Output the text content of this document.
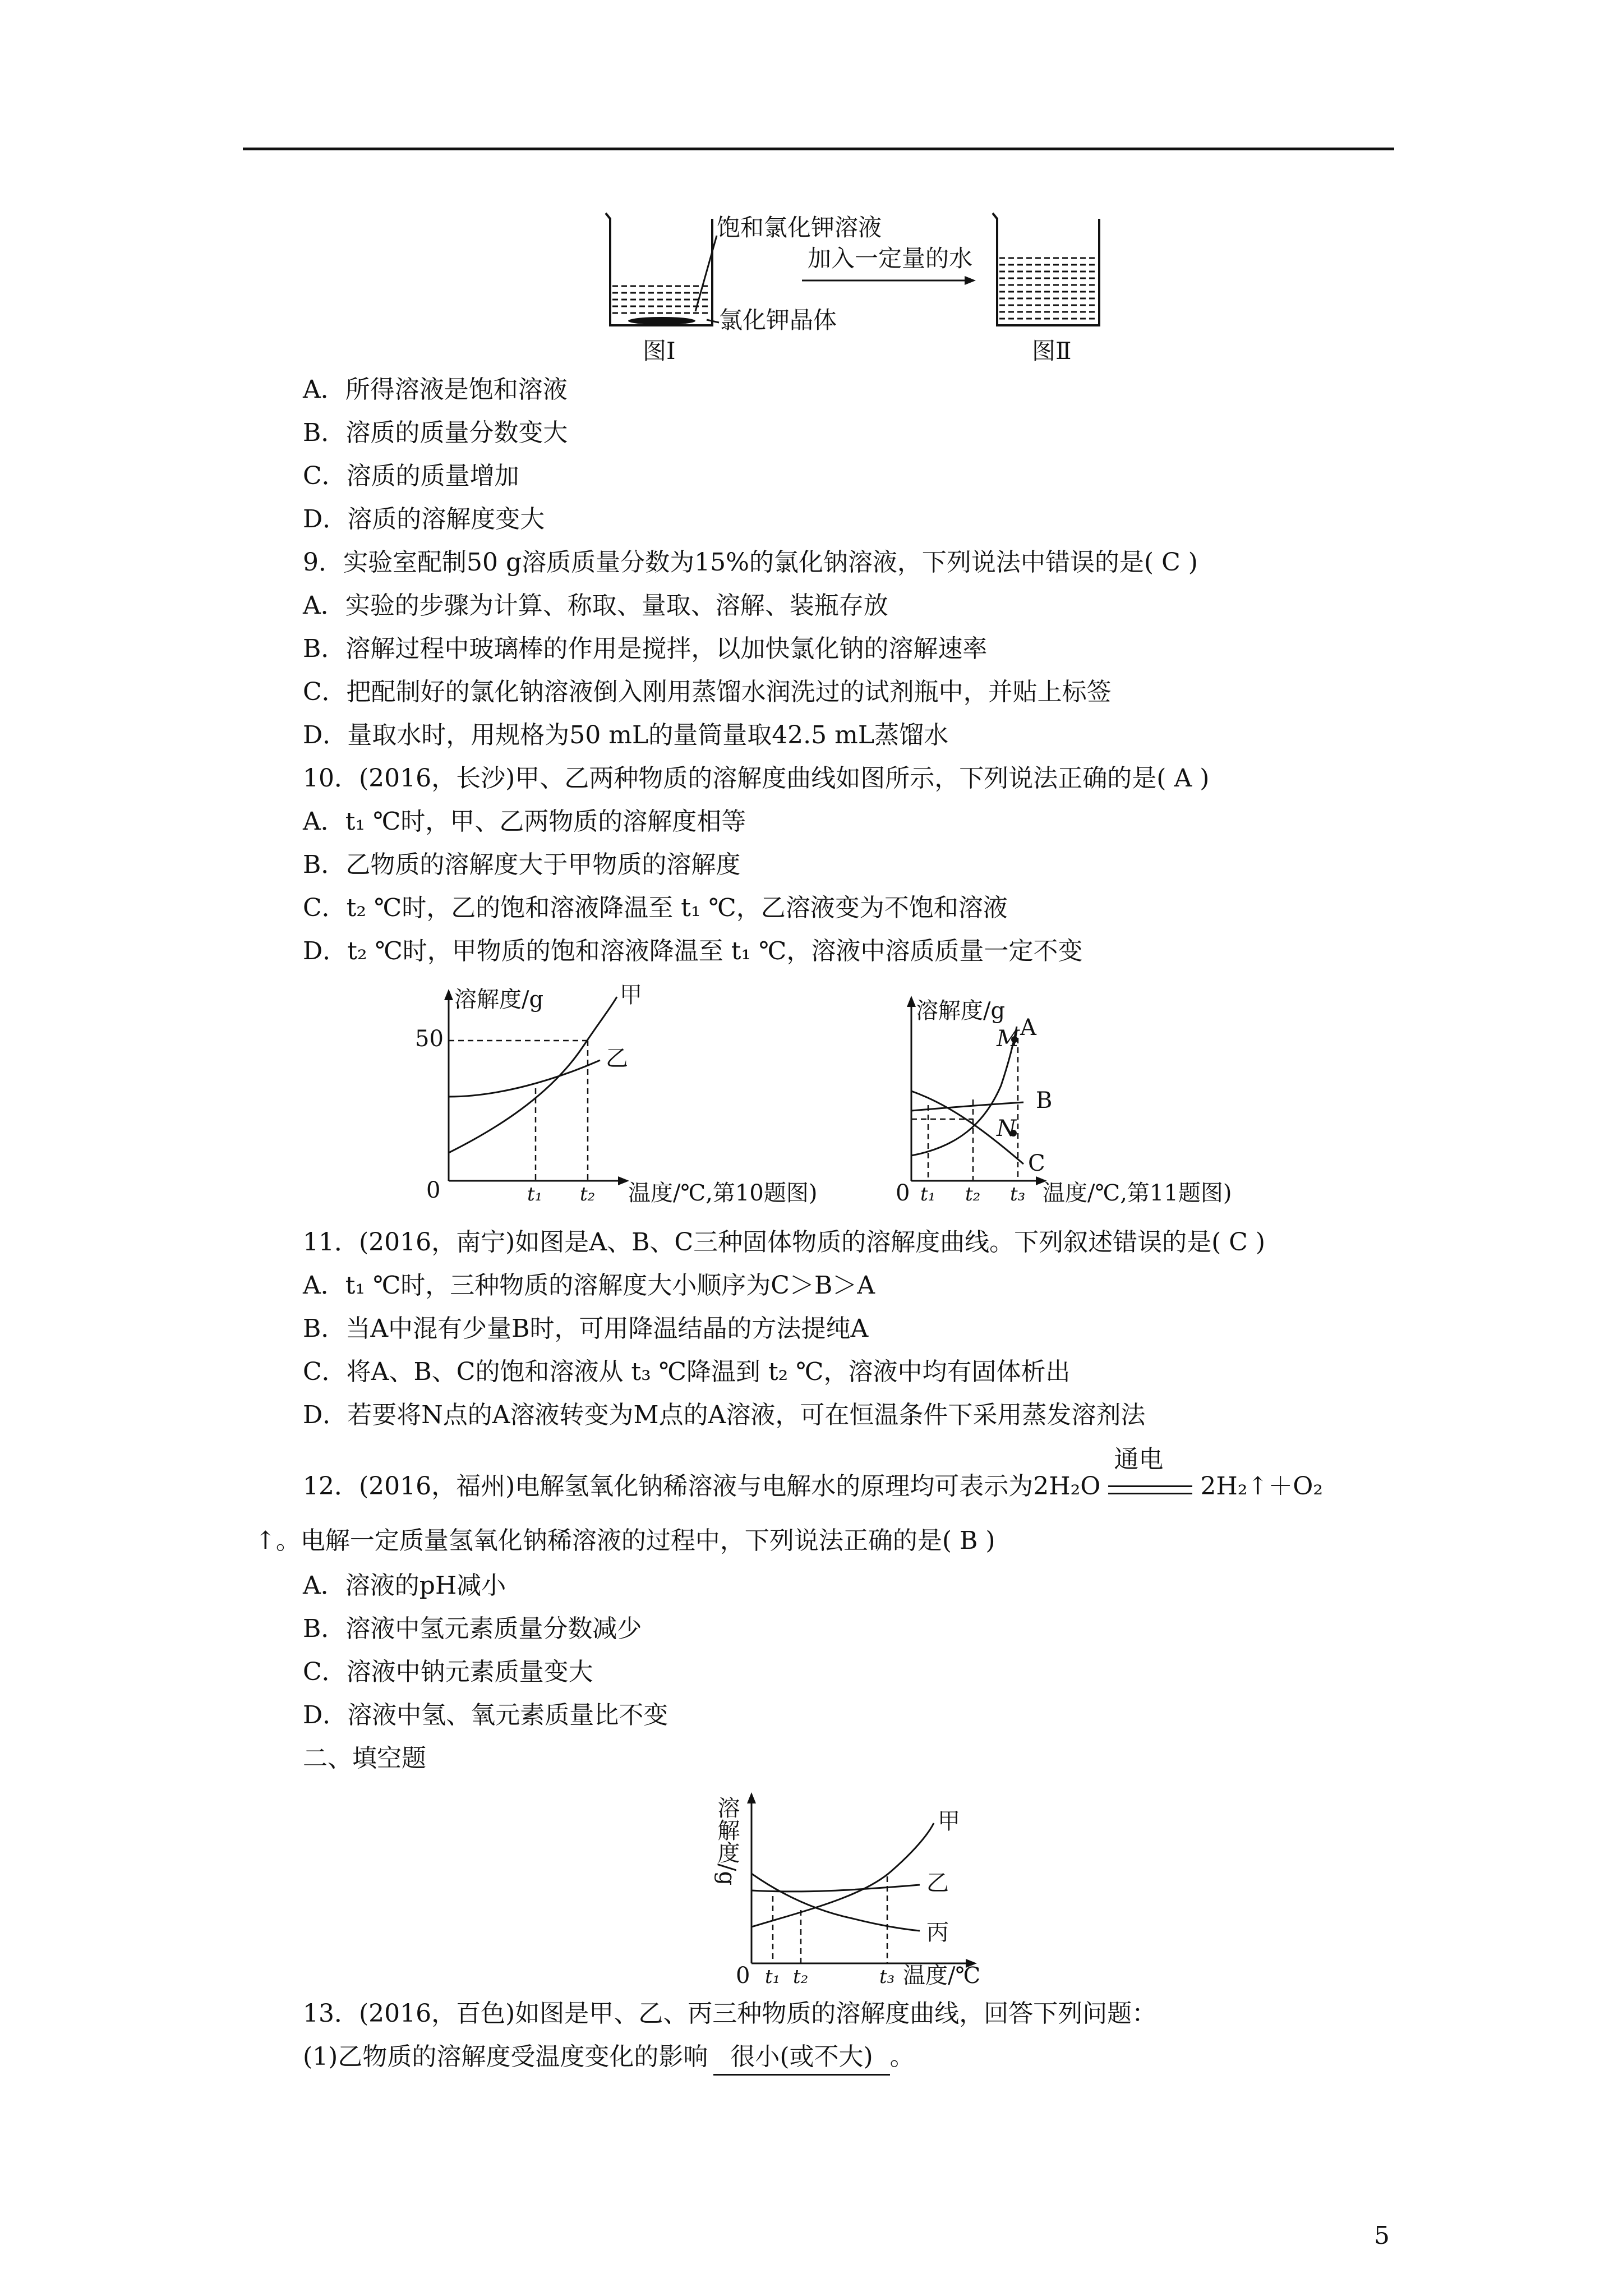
饱和氯化钾溶液
氯化钾晶体
图Ⅰ
加入一定量的水
图Ⅱ
A．所得溶液是饱和溶液
B．溶质的质量分数变大
C．溶质的质量增加
D．溶质的溶解度变大
9．实验室配制50 g溶质质量分数为15%的氯化钠溶液，下列说法中错误的是( C )
A．实验的步骤为计算、称取、量取、溶解、装瓶存放
B．溶解过程中玻璃棒的作用是搅拌，以加快氯化钠的溶解速率
C．把配制好的氯化钠溶液倒入刚用蒸馏水润洗过的试剂瓶中，并贴上标签
D．量取水时，用规格为50 mL的量筒量取42.5 mL蒸馏水
10．(2016，长沙)甲、乙两种物质的溶解度曲线如图所示，下列说法正确的是( A )
A．t₁ ℃时，甲、乙两物质的溶解度相等
B．乙物质的溶解度大于甲物质的溶解度
C．t₂ ℃时，乙的饱和溶液降温至 t₁ ℃，乙溶液变为不饱和溶液
D．t₂ ℃时，甲物质的饱和溶液降温至 t₁ ℃，溶液中溶质质量一定不变
溶解度/g
50
0
甲
乙
t₁ t₂ 温度/℃,第10题图)
溶解度/g
0
M A
B
N
C
t₁ t₂ t₃ 温度/℃,第11题图)
11．(2016，南宁)如图是A、B、C三种固体物质的溶解度曲线。下列叙述错误的是( C )
A．t₁ ℃时，三种物质的溶解度大小顺序为C＞B＞A
B．当A中混有少量B时，可用降温结晶的方法提纯A
C．将A、B、C的饱和溶液从 t₃ ℃降温到 t₂ ℃，溶液中均有固体析出
D．若要将N点的A溶液转变为M点的A溶液，可在恒温条件下采用蒸发溶剂法
12．(2016，福州)电解氢氧化钠稀溶液与电解水的原理均可表示为2H₂O
通电
2H₂↑＋O₂
↑。电解一定质量氢氧化钠稀溶液的过程中，下列说法正确的是( B )
A．溶液的pH减小
B．溶液中氢元素质量分数减少
C．溶液中钠元素质量变大
D．溶液中氢、氧元素质量比不变
二、填空题
溶解度/g
0
甲
乙
丙
t₁ t₂	t₃ 温度/℃
13．(2016，百色)如图是甲、乙、丙三种物质的溶解度曲线，回答下列问题：
(1)乙物质的溶解度受温度变化的影响 很小(或不大) 。
5
